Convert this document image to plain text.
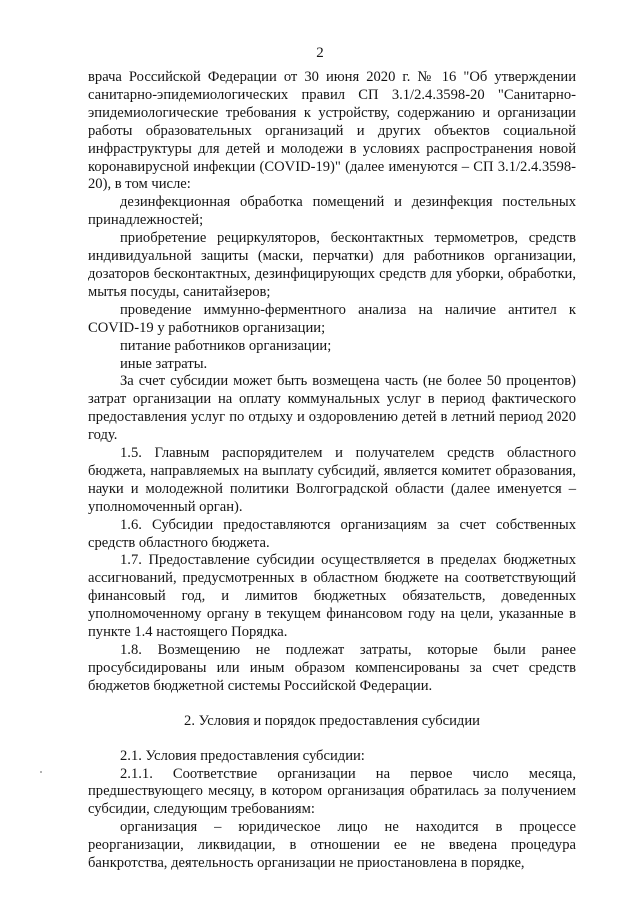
2

врача Российской Федерации от 30 июня 2020 г. № 16 "Об утверждении санитарно-эпидемиологических правил СП 3.1/2.4.3598-20 "Санитарно-эпидемиологические требования к устройству, содержанию и организации работы образовательных организаций и других объектов социальной инфраструктуры для детей и молодежи в условиях распространения новой коронавирусной инфекции (COVID-19)" (далее именуются – СП 3.1/2.4.3598-20), в том числе:

дезинфекционная обработка помещений и дезинфекция постельных принадлежностей;

приобретение рециркуляторов, бесконтактных термометров, средств индивидуальной защиты (маски, перчатки) для работников организации, дозаторов бесконтактных, дезинфицирующих средств для уборки, обработки, мытья посуды, санитайзеров;

проведение иммунно-ферментного анализа на наличие антител к COVID-19 у работников организации;

питание работников организации;

иные затраты.

За счет субсидии может быть возмещена часть (не более 50 процентов) затрат организации на оплату коммунальных услуг в период фактического предоставления услуг по отдыху и оздоровлению детей в летний период 2020 году.

1.5. Главным распорядителем и получателем средств областного бюджета, направляемых на выплату субсидий, является комитет образования, науки и молодежной политики Волгоградской области (далее именуется – уполномоченный орган).

1.6. Субсидии предоставляются организациям за счет собственных средств областного бюджета.

1.7. Предоставление субсидии осуществляется в пределах бюджетных ассигнований, предусмотренных в областном бюджете на соответствующий финансовый год, и лимитов бюджетных обязательств, доведенных уполномоченному органу в текущем финансовом году на цели, указанные в пункте 1.4 настоящего Порядка.

1.8. Возмещению не подлежат затраты, которые были ранее просубсидированы или иным образом компенсированы за счет средств бюджетов бюджетной системы Российской Федерации.

2. Условия и порядок предоставления субсидии

2.1. Условия предоставления субсидии:

2.1.1. Соответствие организации на первое число месяца, предшествующего месяцу, в котором организация обратилась за получением субсидии, следующим требованиям:

организация – юридическое лицо не находится в процессе реорганизации, ликвидации, в отношении ее не введена процедура банкротства, деятельность организации не приостановлена в порядке,
